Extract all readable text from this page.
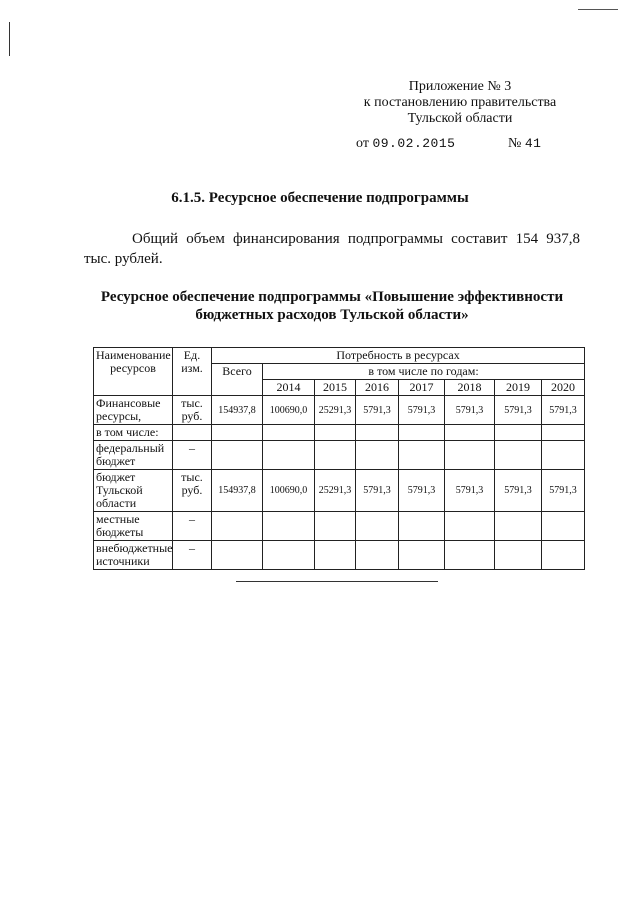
Приложение № 3
к постановлению правительства
Тульской области
от 09.02.2015	№ 41
6.1.5. Ресурсное обеспечение подпрограммы
Общий объем финансирования подпрограммы составит 154 937,8 тыс. рублей.
Ресурсное обеспечение подпрограммы «Повышение эффективности бюджетных расходов Тульской области»
Наименование ресурсов	Ед. изм.	Потребность в ресурсах							
		Всего	в том числе по годам:						
			2014	2015	2016	2017	2018	2019	2020
Финансовые ресурсы,	тыс. руб.	154937,8	100690,0	25291,3	5791,3	5791,3	5791,3	5791,3	5791,3
в том числе:									
федеральный бюджет	–								
бюджет Тульской области	тыс. руб.	154937,8	100690,0	25291,3	5791,3	5791,3	5791,3	5791,3	5791,3
местные бюджеты	–								
внебюджетные источники	–								
